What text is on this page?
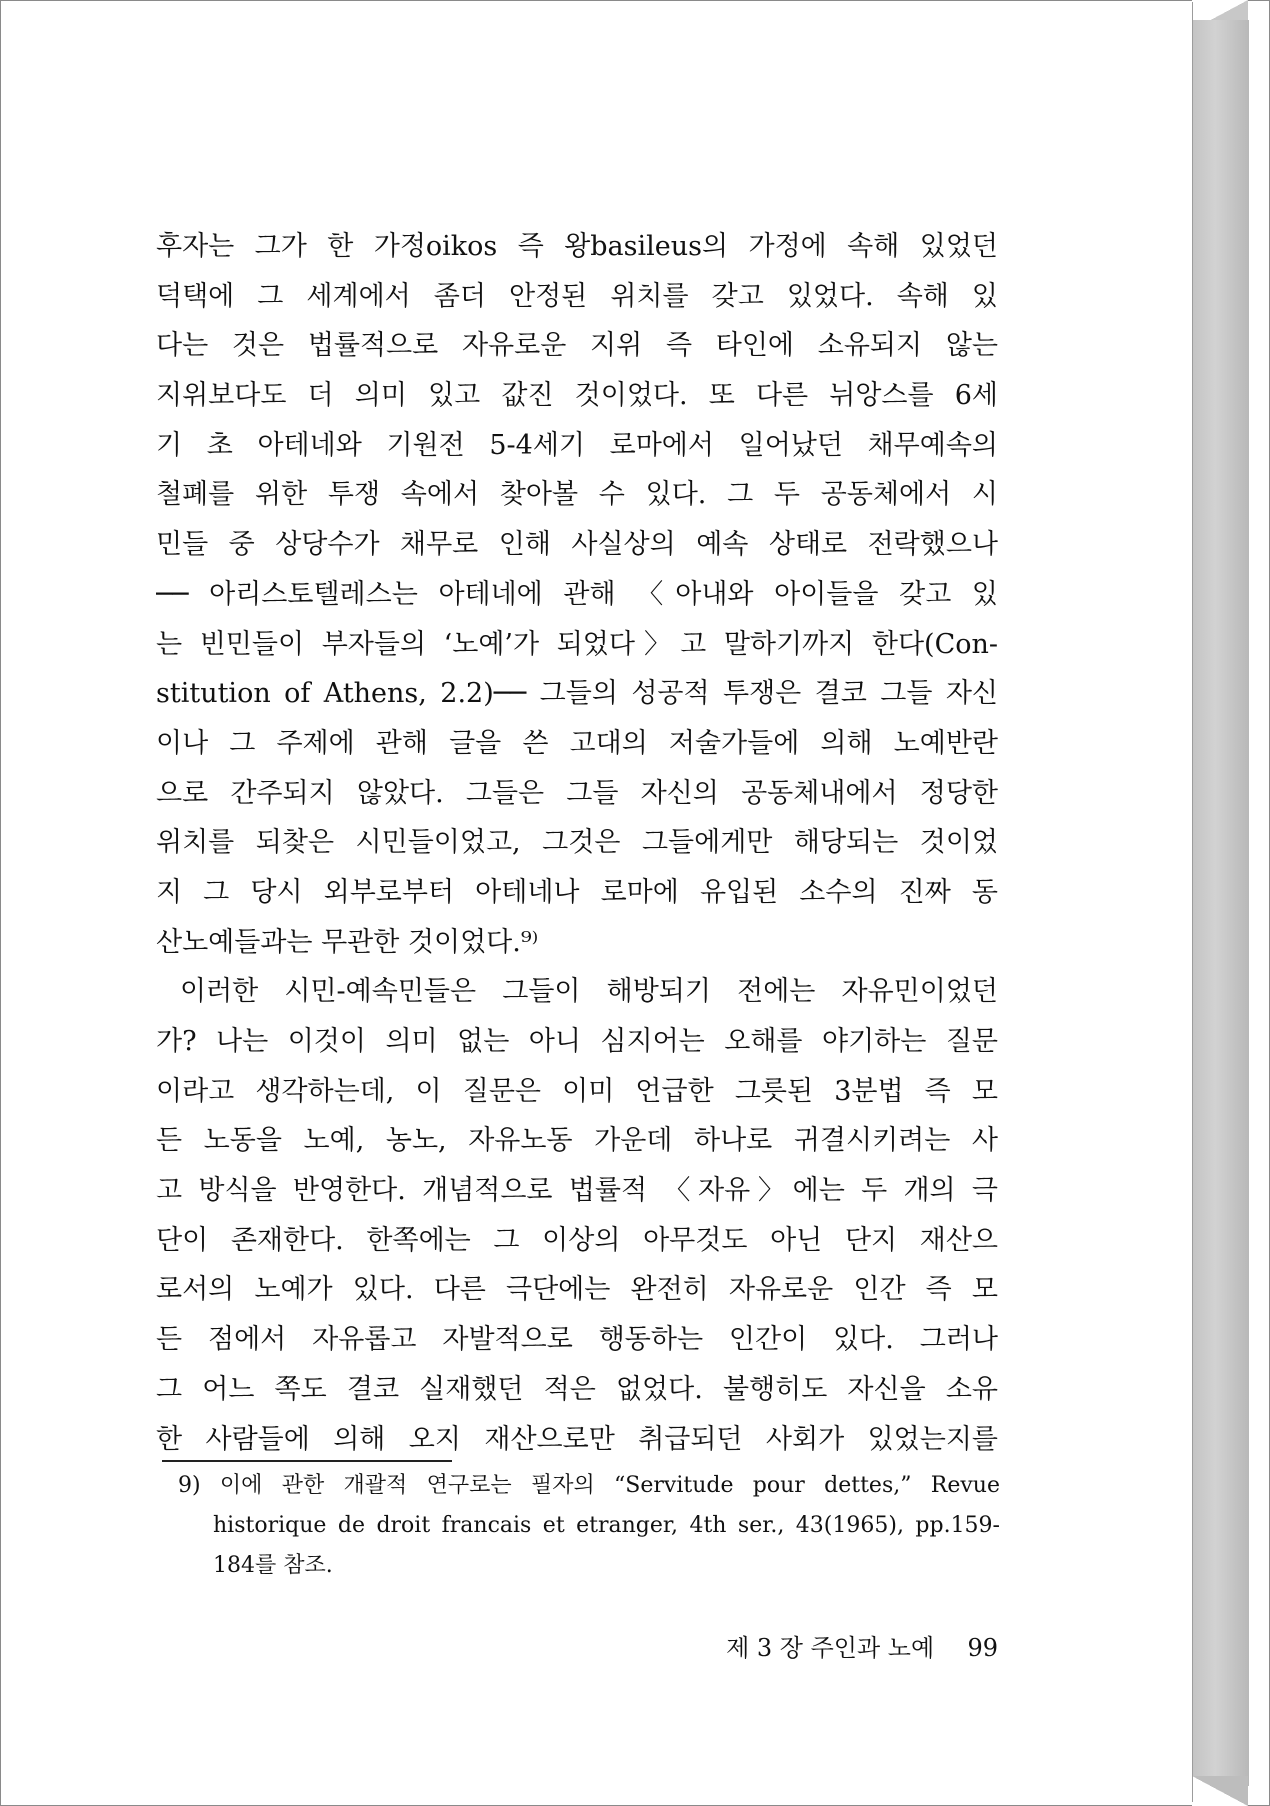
후자는 그가 한 가정oikos 즉 왕basileus의 가정에 속해 있었던
덕택에 그 세계에서 좀더 안정된 위치를 갖고 있었다. 속해 있
다는 것은 법률적으로 자유로운 지위 즉 타인에 소유되지 않는
지위보다도 더 의미 있고 값진 것이었다. 또 다른 뉘앙스를 6세
기 초 아테네와 기원전 5-4세기 로마에서 일어났던 채무예속의
철폐를 위한 투쟁 속에서 찾아볼 수 있다. 그 두 공동체에서 시
민들 중 상당수가 채무로 인해 사실상의 예속 상태로 전락했으나
── 아리스토텔레스는 아테네에 관해 〈아내와 아이들을 갖고 있
는 빈민들이 부자들의 ‘노예’가 되었다〉고 말하기까지 한다(Con-
stitution of Athens, 2.2)── 그들의 성공적 투쟁은 결코 그들 자신
이나 그 주제에 관해 글을 쓴 고대의 저술가들에 의해 노예반란
으로 간주되지 않았다. 그들은 그들 자신의 공동체내에서 정당한
위치를 되찾은 시민들이었고, 그것은 그들에게만 해당되는 것이었
지 그 당시 외부로부터 아테네나 로마에 유입된 소수의 진짜 동
산노예들과는 무관한 것이었다.⁹⁾
이러한 시민-예속민들은 그들이 해방되기 전에는 자유민이었던
가? 나는 이것이 의미 없는 아니 심지어는 오해를 야기하는 질문
이라고 생각하는데, 이 질문은 이미 언급한 그릇된 3분법 즉 모
든 노동을 노예, 농노, 자유노동 가운데 하나로 귀결시키려는 사
고 방식을 반영한다. 개념적으로 법률적 〈자유〉에는 두 개의 극
단이 존재한다. 한쪽에는 그 이상의 아무것도 아닌 단지 재산으
로서의 노예가 있다. 다른 극단에는 완전히 자유로운 인간 즉 모
든 점에서 자유롭고 자발적으로 행동하는 인간이 있다. 그러나
그 어느 쪽도 결코 실재했던 적은 없었다. 불행히도 자신을 소유
한 사람들에 의해 오지 재산으로만 취급되던 사회가 있었는지를
9) 이에 관한 개괄적 연구로는 필자의 “Servitude pour dettes,” Revue
historique de droit francais et etranger, 4th ser., 43(1965), pp.159-
184를 참조.
제 3 장 주인과 노예 99
